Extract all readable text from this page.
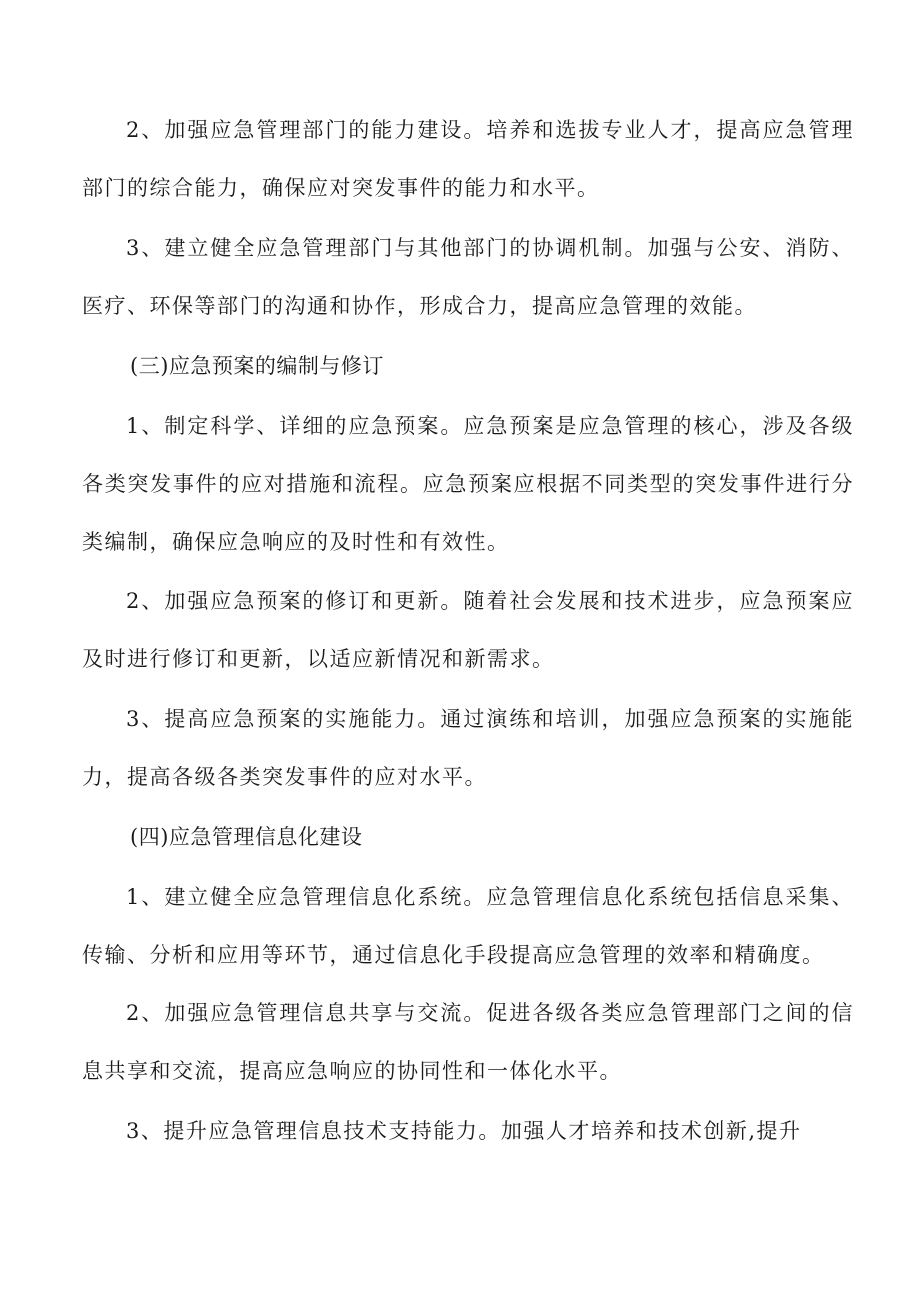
2、加强应急管理部门的能力建设。培养和选拔专业人才，提高应急管理部门的综合能力，确保应对突发事件的能力和水平。

3、建立健全应急管理部门与其他部门的协调机制。加强与公安、消防、医疗、环保等部门的沟通和协作，形成合力，提高应急管理的效能。

(三)应急预案的编制与修订

1、制定科学、详细的应急预案。应急预案是应急管理的核心，涉及各级各类突发事件的应对措施和流程。应急预案应根据不同类型的突发事件进行分类编制，确保应急响应的及时性和有效性。

2、加强应急预案的修订和更新。随着社会发展和技术进步，应急预案应及时进行修订和更新，以适应新情况和新需求。

3、提高应急预案的实施能力。通过演练和培训，加强应急预案的实施能力，提高各级各类突发事件的应对水平。

(四)应急管理信息化建设

1、建立健全应急管理信息化系统。应急管理信息化系统包括信息采集、传输、分析和应用等环节，通过信息化手段提高应急管理的效率和精确度。

2、加强应急管理信息共享与交流。促进各级各类应急管理部门之间的信息共享和交流，提高应急响应的协同性和一体化水平。

3、提升应急管理信息技术支持能力。加强人才培养和技术创新,提升
